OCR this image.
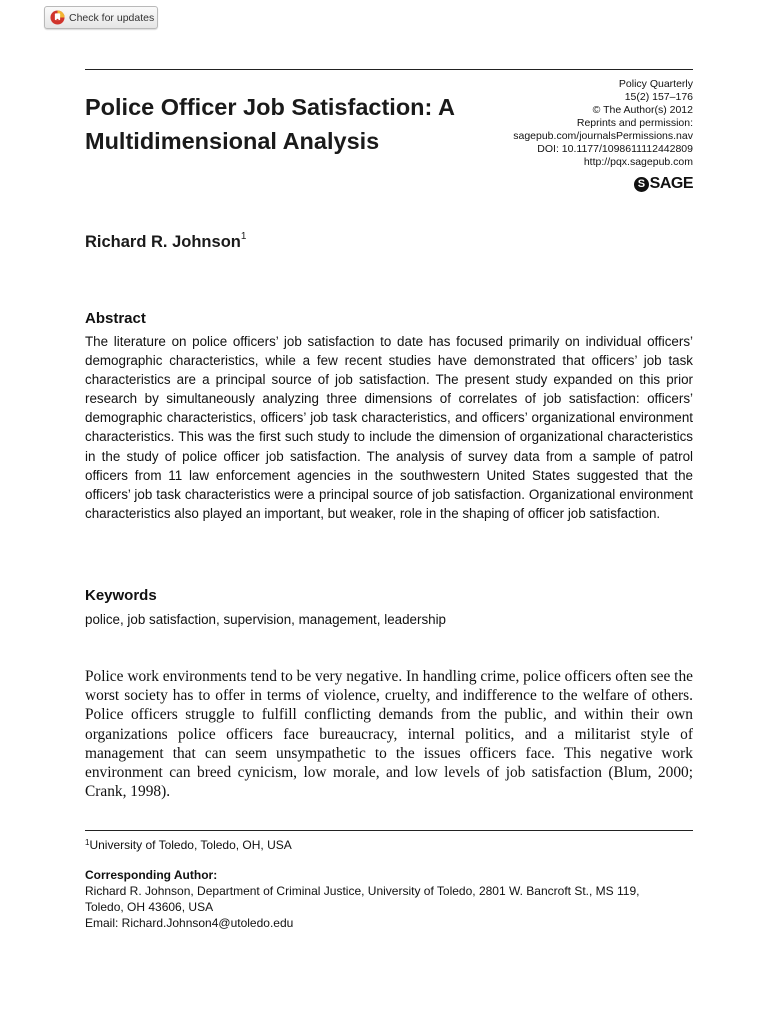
Check for updates
Police Officer Job Satisfaction: A Multidimensional Analysis
Policy Quarterly
15(2) 157–176
© The Author(s) 2012
Reprints and permission:
sagepub.com/journalsPermissions.nav
DOI: 10.1177/1098611112442809
http://pqx.sagepub.com
S SAGE
Richard R. Johnson$^1$
Abstract

The literature on police officers’ job satisfaction to date has focused primarily on individual officers’ demographic characteristics, while a few recent studies have demonstrated that officers’ job task characteristics are a principal source of job satisfaction. The present study expanded on this prior research by simultaneously analyzing three dimensions of correlates of job satisfaction: officers’ demographic characteristics, officers’ job task characteristics, and officers’ organizational environment characteristics. This was the first such study to include the dimension of organizational characteristics in the study of police officer job satisfaction. The analysis of survey data from a sample of patrol officers from 11 law enforcement agencies in the southwestern United States suggested that the officers’ job task characteristics were a principal source of job satisfaction. Organizational environment characteristics also played an important, but weaker, role in the shaping of officer job satisfaction.

Keywords
police, job satisfaction, supervision, management, leadership

Police work environments tend to be very negative. In handling crime, police officers often see the worst society has to offer in terms of violence, cruelty, and indifference to the welfare of others. Police officers struggle to fulfill conflicting demands from the public, and within their own organizations police officers face bureaucracy, internal politics, and a militarist style of management that can seem unsympathetic to the issues officers face. This negative work environment can breed cynicism, low morale, and low levels of job satisfaction (Blum, 2000; Crank, 1998).

$^1$University of Toledo, Toledo, OH, USA
Corresponding Author:
Richard R. Johnson, Department of Criminal Justice, University of Toledo, 2801 W. Bancroft St., MS 119,
Toledo, OH 43606, USA
Email: Richard.Johnson4@utoledo.edu
